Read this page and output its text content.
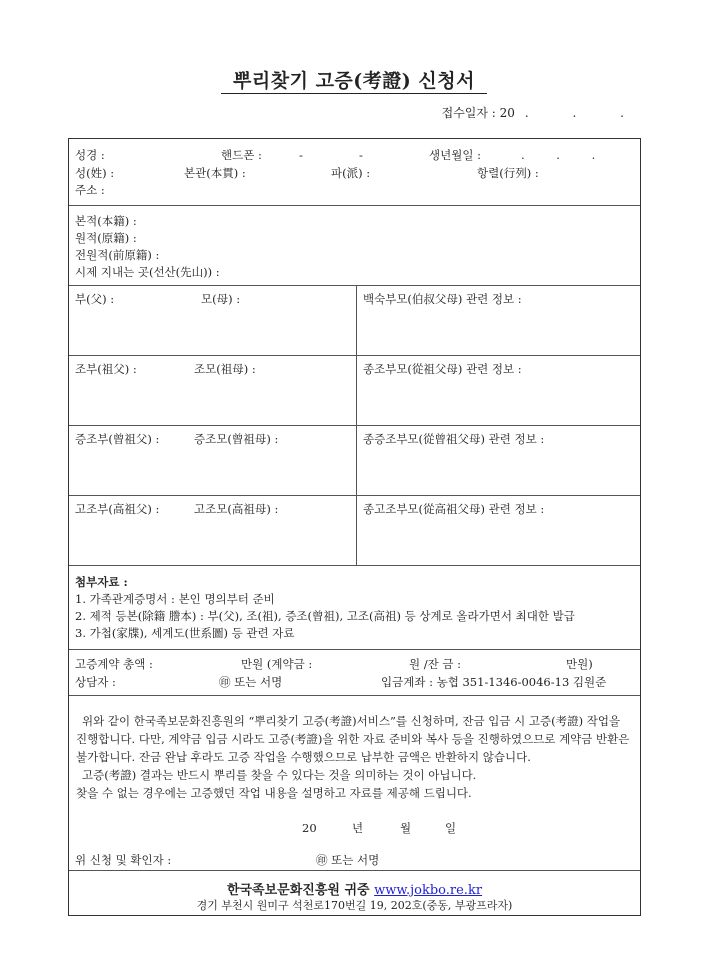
뿌리찾기 고증(考證) 신청서
접수일자 : 20 . . .
성경 :	핸드폰 :	-	-	생년월일 :	. . .
성(姓) :	본관(本貫) :	파(派) :	항렬(行列) :
주소 :
본적(本籍) :
원적(原籍) :
전원적(前原籍) :
시제 지내는 곳(선산(先山)) :
부(父) :	모(母) :	백숙부모(伯叔父母) 관련 정보 :
조부(祖父) :	조모(祖母) :	종조부모(從祖父母) 관련 정보 :
증조부(曾祖父) :	증조모(曾祖母) :	종증조부모(從曾祖父母) 관련 정보 :
고조부(高祖父) :	고조모(高祖母) :	종고조부모(從高祖父母) 관련 정보 :
첨부자료 :
1. 가족관계증명서 : 본인 명의부터 준비
2. 제적 등본(除籍 謄本) : 부(父), 조(祖), 증조(曾祖), 고조(高祖) 등 상계로 올라가면서 최대한 발급
3. 가첩(家牒), 세계도(世系圖) 등 관련 자료
고증계약 총액 :	만원 (계약금 :	원 /잔 금 :	만원)
상담자 :	㊞ 또는 서명	입금계좌 : 농협 351-1346-0046-13 김원준
위와 같이 한국족보문화진흥원의 “뿌리찾기 고증(考證)서비스”를 신청하며, 잔금 입금 시 고증(考證) 작업을 진행합니다. 다만, 계약금 입금 시라도 고증(考證)을 위한 자료 준비와 복사 등을 진행하였으므로 계약금 반환은 불가합니다. 잔금 완납 후라도 고증 작업을 수행했으므로 납부한 금액은 반환하지 않습니다.
고증(考證) 결과는 반드시 뿌리를 찾을 수 있다는 것을 의미하는 것이 아닙니다.
찾을 수 없는 경우에는 고증했던 작업 내용을 설명하고 자료를 제공해 드립니다.
20	년	월	일
위 신청 및 확인자 :	㊞ 또는 서명
한국족보문화진흥원 귀중 www.jokbo.re.kr
경기 부천시 원미구 석천로170번길 19, 202호(중동, 부광프라자)
